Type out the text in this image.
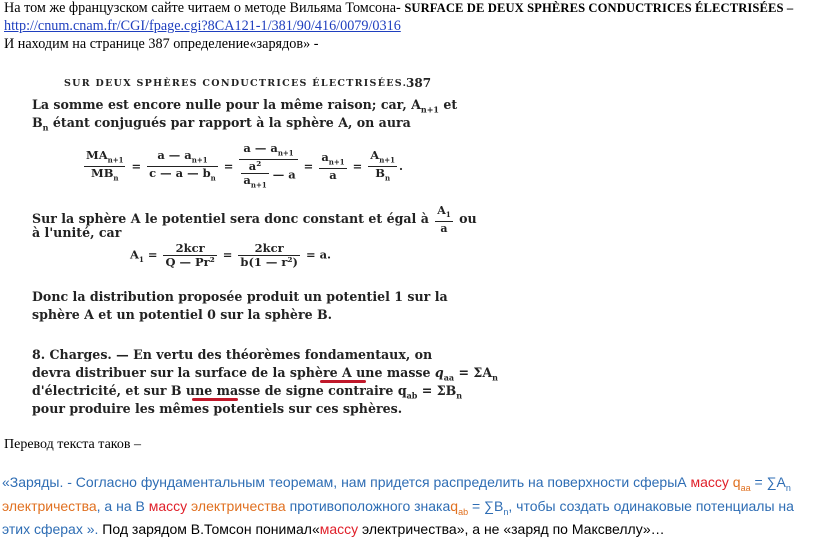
На том же французском сайте читаем о методе Вильяма Томсона- SURFACE DE DEUX SPHÈRES CONDUCTRICES ÉLECTRISÉES –
http://cnum.cnam.fr/CGI/fpage.cgi?8CA121-1/381/90/416/0079/0316
И находим на странице 387 определение«зарядов» -
SUR DEUX SPHÈRES CONDUCTRICES ÉLECTRISÉES.
387
La somme est encore nulle pour la même raison; car, $A_{n+1}$ et
$B_n$ étant conjugués par rapport à la sphère A, on aura
$\frac{MA_{n+1}}{MB_n} = \frac{a — a_{n+1}}{c — a — b_n} = \frac{a — a_{n+1}}{\frac{\text{a²}}{a_{n+1}} — a} = \frac{a_{n+1}}{a} = \frac{A_{n+1}}{B_n}$ .
Sur la sphère A le potentiel sera donc constant et égal à $\frac{A_1}{a}$ ou
à l'unité, car
$A_1 = \frac{\text{2kcr}}{\text{Q — Pr²}} = \frac{\text{2kcr}}{\text{b(1 — r²)}} = a$.
Donc la distribution proposée produit un potentiel 1 sur la
sphère A et un potentiel 0 sur la sphère B.
8. Charges. — En vertu des théorèmes fondamentaux, on
devra distribuer sur la surface de la sphère A une masse $q_{aa} = \Sigma A_n$
d'électricité, et sur B une masse de signe contraire $q_{ab} = \Sigma B_n$
pour produire les mêmes potentiels sur ces sphères.
Перевод текста таков –
«Заряды. - Согласно фундаментальным теоремам, нам придется распределить на поверхности сферыА массу $q_{aa} = \sum A_n$
электричества, а на В массу электричества противоположного знакаq$_{ab}$ = $\sum B_n$, чтобы создать одинаковые потенциалы на
этих сферах ». Под зарядом В.Томсон понимал«массу электричества», а не «заряд по Максвеллу»…
